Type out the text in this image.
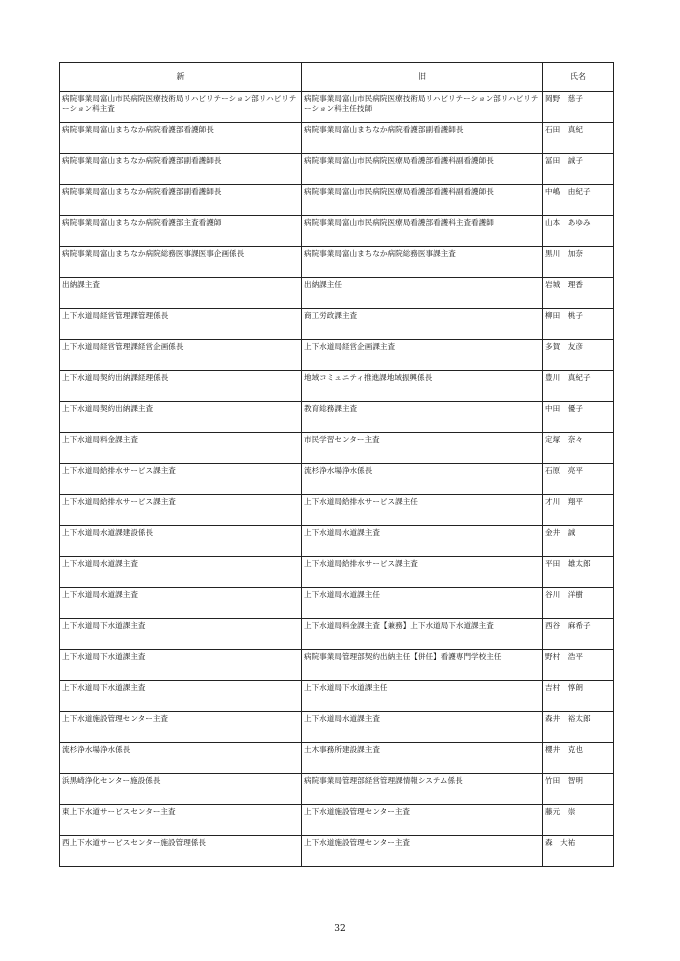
新	旧	氏名

病院事業局富山市民病院医療技術局リハビリテーション部リハビリテーション科主査	病院事業局富山市民病院医療技術局リハビリテーション部リハビリテーション科主任技師	岡野　慈子

病院事業局富山まちなか病院看護部看護師長	病院事業局富山まちなか病院看護部副看護師長	石田　真紀

病院事業局富山まちなか病院看護部副看護師長	病院事業局富山市民病院医療局看護部看護科副看護師長	冨田　誠子

病院事業局富山まちなか病院看護部副看護師長	病院事業局富山市民病院医療局看護部看護科副看護師長	中嶋　由紀子

病院事業局富山まちなか病院看護部主査看護師	病院事業局富山市民病院医療局看護部看護科主査看護師	山本　あゆみ

病院事業局富山まちなか病院総務医事課医事企画係長	病院事業局富山まちなか病院総務医事課主査	黒川　加奈

出納課主査	出納課主任	岩城　理香

上下水道局経営管理課管理係長	商工労政課主査	柳田　桃子

上下水道局経営管理課経営企画係長	上下水道局経営企画課主査	多賀　友彦

上下水道局契約出納課経理係長	地域コミュニティ推進課地域振興係長	豊川　真紀子

上下水道局契約出納課主査	教育総務課主査	中田　優子

上下水道局料金課主査	市民学習センター主査	定塚　奈々

上下水道局給排水サービス課主査	流杉浄水場浄水係長	石原　亮平

上下水道局給排水サービス課主査	上下水道局給排水サービス課主任	才川　翔平

上下水道局水道課建設係長	上下水道局水道課主査	金井　誠

上下水道局水道課主査	上下水道局給排水サービス課主査	平田　雄太郎

上下水道局水道課主査	上下水道局水道課主任	谷川　洋樹

上下水道局下水道課主査	上下水道局料金課主査【兼務】上下水道局下水道課主査	西谷　麻希子

上下水道局下水道課主査	病院事業局管理部契約出納主任【併任】看護専門学校主任	野村　浩平

上下水道局下水道課主査	上下水道局下水道課主任	吉村　惇朗

上下水道施設管理センター主査	上下水道局水道課主査	森井　裕太郎

流杉浄水場浄水係長	土木事務所建設課主査	櫻井　克也

浜黒崎浄化センター施設係長	病院事業局管理部経営管理課情報システム係長	竹田　智明

東上下水道サービスセンター主査	上下水道施設管理センター主査	藤元　崇

西上下水道サービスセンター施設管理係長	上下水道施設管理センター主査	森　大祐
32
